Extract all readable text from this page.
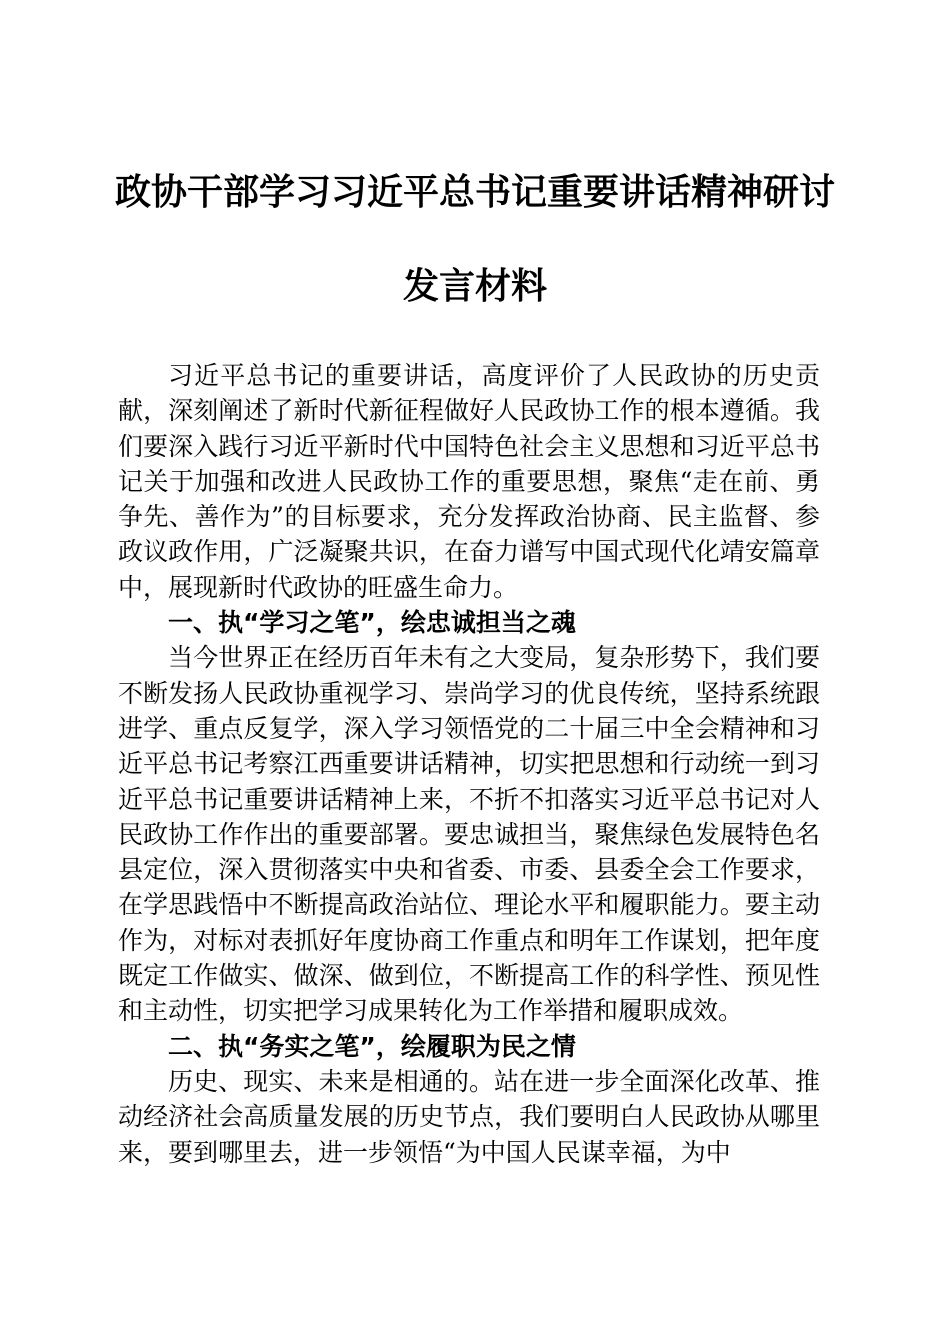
政协干部学习习近平总书记重要讲话精神研讨
发言材料

习近平总书记的重要讲话，高度评价了人民政协的历史贡献，深刻阐述了新时代新征程做好人民政协工作的根本遵循。我们要深入践行习近平新时代中国特色社会主义思想和习近平总书记关于加强和改进人民政协工作的重要思想，聚焦“走在前、勇争先、善作为”的目标要求，充分发挥政治协商、民主监督、参政议政作用，广泛凝聚共识，在奋力谱写中国式现代化靖安篇章中，展现新时代政协的旺盛生命力。

一、执“学习之笔”，绘忠诚担当之魂

当今世界正在经历百年未有之大变局，复杂形势下，我们要不断发扬人民政协重视学习、崇尚学习的优良传统，坚持系统跟进学、重点反复学，深入学习领悟党的二十届三中全会精神和习近平总书记考察江西重要讲话精神，切实把思想和行动统一到习近平总书记重要讲话精神上来，不折不扣落实习近平总书记对人民政协工作作出的重要部署。要忠诚担当，聚焦绿色发展特色名县定位，深入贯彻落实中央和省委、市委、县委全会工作要求，在学思践悟中不断提高政治站位、理论水平和履职能力。要主动作为，对标对表抓好年度协商工作重点和明年工作谋划，把年度既定工作做实、做深、做到位，不断提高工作的科学性、预见性和主动性，切实把学习成果转化为工作举措和履职成效。

二、执“务实之笔”，绘履职为民之情

历史、现实、未来是相通的。站在进一步全面深化改革、推动经济社会高质量发展的历史节点，我们要明白人民政协从哪里来，要到哪里去，进一步领悟“为中国人民谋幸福，为中
